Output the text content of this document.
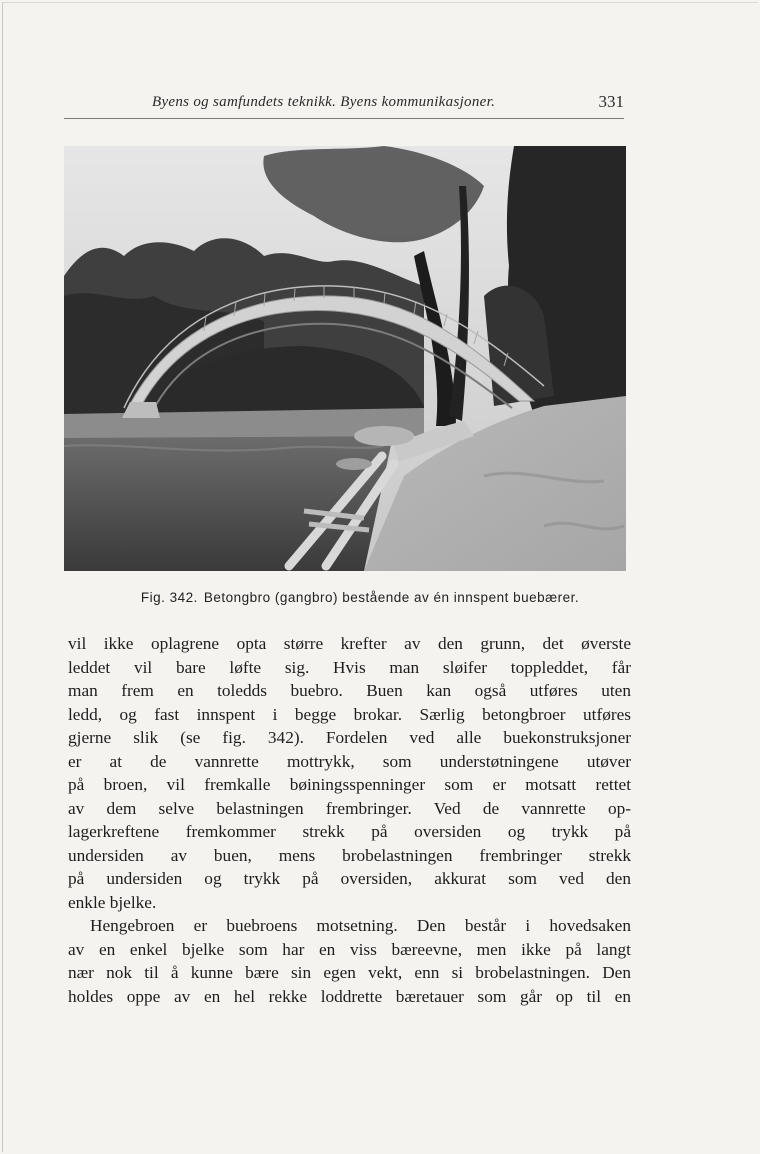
Byens og samfundets teknikk. Byens kommunikasjoner.	331
Fig. 342. Betongbro (gangbro) bestående av én innspent buebærer.
vil ikke oplagrene opta større krefter av den grunn, det øverste
leddet vil bare løfte sig. Hvis man sløifer toppleddet, får
man frem en toledds buebro. Buen kan også utføres uten
ledd, og fast innspent i begge brokar. Særlig betongbroer utføres
gjerne slik (se fig. 342). Fordelen ved alle buekonstruksjoner
er at de vannrette mottrykk, som understøtningene utøver
på broen, vil fremkalle bøiningsspenninger som er motsatt rettet
av dem selve belastningen frembringer. Ved de vannrette op-
lagerkreftene fremkommer strekk på oversiden og trykk på
undersiden av buen, mens brobelastningen frembringer strekk
på undersiden og trykk på oversiden, akkurat som ved den
enkle bjelke.
Hengebroen er buebroens motsetning. Den består i hovedsaken
av en enkel bjelke som har en viss bæreevne, men ikke på langt
nær nok til å kunne bære sin egen vekt, enn si brobelastningen. Den
holdes oppe av en hel rekke loddrette bæretauer som går op til en
